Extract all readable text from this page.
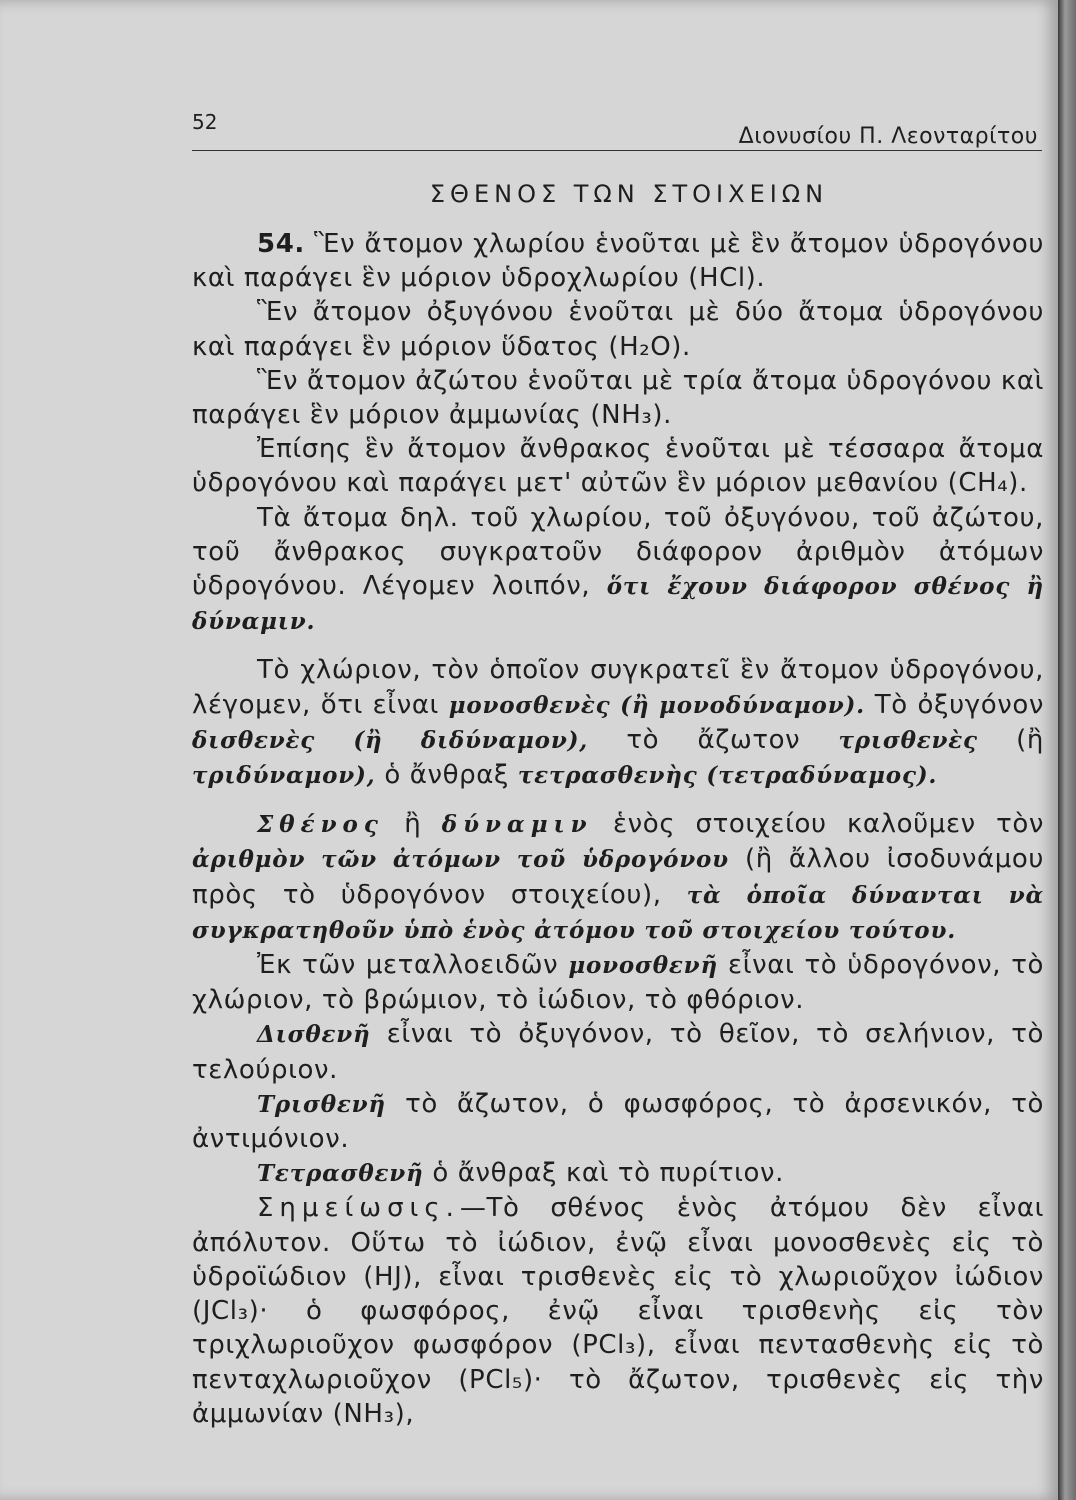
52
Διονυσίου Π. Λεονταρίτου
ΣΘΕΝΟΣ ΤΩΝ ΣΤΟΙΧΕΙΩΝ

54. Ἓν ἄτομον χλωρίου ἑνοῦται μὲ ἓν ἄτομον ὑδρογόνου καὶ παράγει ἓν μόριον ὑδροχλωρίου (HCl).

Ἓν ἄτομον ὀξυγόνου ἑνοῦται μὲ δύο ἄτομα ὑδρογόνου καὶ παράγει ἓν μόριον ὕδατος (H₂O).

Ἓν ἄτομον ἀζώτου ἑνοῦται μὲ τρία ἄτομα ὑδρογόνου καὶ παράγει ἓν μόριον ἀμμωνίας (NH₃).

Ἐπίσης ἓν ἄτομον ἄνθρακος ἑνοῦται μὲ τέσσαρα ἄτομα ὑδρογόνου καὶ παράγει μετ' αὐτῶν ἓν μόριον μεθανίου (CH₄).

Τὰ ἄτομα δηλ. τοῦ χλωρίου, τοῦ ὀξυγόνου, τοῦ ἀζώτου, τοῦ ἄνθρακος συγκρατοῦν διάφορον ἀριθμὸν ἀτόμων ὑδρογόνου. Λέγομεν λοιπόν, ὅτι ἔχουν διάφορον σθένος ἢ δύναμιν.

Τὸ χλώριον, τὸν ὁποῖον συγκρατεῖ ἓν ἄτομον ὑδρογόνου, λέγομεν, ὅτι εἶναι μονοσθενὲς (ἢ μονοδύναμον). Τὸ ὀξυγόνον δισθενὲς (ἢ διδύναμον), τὸ ἄζωτον τρισθενὲς (ἢ τριδύναμον), ὁ ἄνθραξ τετρασθενὴς (τετραδύναμος).

Σθένος ἢ δύναμιν ἑνὸς στοιχείου καλοῦμεν τὸν ἀριθμὸν τῶν ἀτόμων τοῦ ὑδρογόνου (ἢ ἄλλου ἰσοδυνάμου πρὸς τὸ ὑδρογόνον στοιχείου), τὰ ὁποῖα δύνανται νὰ συγκρατηθοῦν ὑπὸ ἑνὸς ἀτόμου τοῦ στοιχείου τούτου.

Ἐκ τῶν μεταλλοειδῶν μονοσθενῆ εἶναι τὸ ὑδρογόνον, τὸ χλώριον, τὸ βρώμιον, τὸ ἰώδιον, τὸ φθόριον.

Δισθενῆ εἶναι τὸ ὀξυγόνον, τὸ θεῖον, τὸ σελήνιον, τὸ τελούριον.

Τρισθενῆ τὸ ἄζωτον, ὁ φωσφόρος, τὸ ἀρσενικόν, τὸ ἀντιμόνιον.

Τετρασθενῆ ὁ ἄνθραξ καὶ τὸ πυρίτιον.

Σημείωσις.—Τὸ σθένος ἑνὸς ἀτόμου δὲν εἶναι ἀπόλυτον. Οὕτω τὸ ἰώδιον, ἐνῷ εἶναι μονοσθενὲς εἰς τὸ ὑδροϊώδιον (HJ), εἶναι τρισθενὲς εἰς τὸ χλωριοῦχον ἰώδιον (JCl₃)· ὁ φωσφόρος, ἐνῷ εἶναι τρισθενὴς εἰς τὸν τριχλωριοῦχον φωσφόρον (PCl₃), εἶναι πεντασθενὴς εἰς τὸ πενταχλωριοῦχον (PCl₅)· τὸ ἄζωτον, τρισθενὲς εἰς τὴν ἀμμωνίαν (NH₃),
